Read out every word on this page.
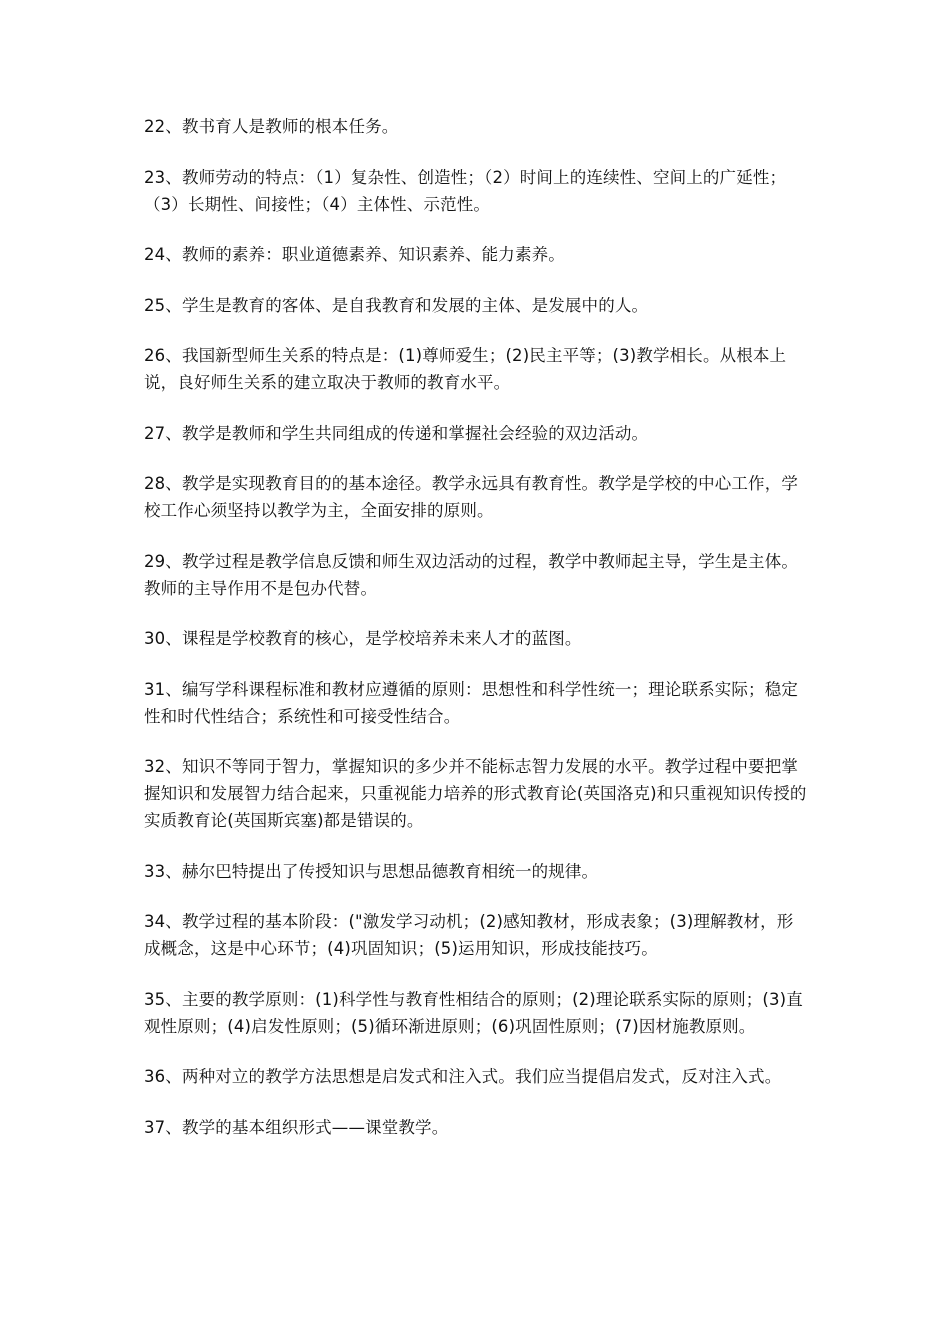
22、教书育人是教师的根本任务。

23、教师劳动的特点：（1）复杂性、创造性；（2）时间上的连续性、空间上的广延性；（3）长期性、间接性；（4）主体性、示范性。

24、教师的素养：职业道德素养、知识素养、能力素养。

25、学生是教育的客体、是自我教育和发展的主体、是发展中的人。

26、我国新型师生关系的特点是：(1)尊师爱生；(2)民主平等；(3)教学相长。从根本上说，良好师生关系的建立取决于教师的教育水平。

27、教学是教师和学生共同组成的传递和掌握社会经验的双边活动。

28、教学是实现教育目的的基本途径。教学永远具有教育性。教学是学校的中心工作，学校工作心须坚持以教学为主，全面安排的原则。

29、教学过程是教学信息反馈和师生双边活动的过程，教学中教师起主导，学生是主体。教师的主导作用不是包办代替。

30、课程是学校教育的核心，是学校培养未来人才的蓝图。

31、编写学科课程标准和教材应遵循的原则：思想性和科学性统一；理论联系实际；稳定性和时代性结合；系统性和可接受性结合。

32、知识不等同于智力，掌握知识的多少并不能标志智力发展的水平。教学过程中要把掌握知识和发展智力结合起来，只重视能力培养的形式教育论(英国洛克)和只重视知识传授的实质教育论(英国斯宾塞)都是错误的。

33、赫尔巴特提出了传授知识与思想品德教育相统一的规律。

34、教学过程的基本阶段：("激发学习动机；(2)感知教材，形成表象；(3)理解教材，形成概念，这是中心环节；(4)巩固知识；(5)运用知识，形成技能技巧。

35、主要的教学原则：(1)科学性与教育性相结合的原则；(2)理论联系实际的原则；(3)直观性原则；(4)启发性原则；(5)循环渐进原则；(6)巩固性原则；(7)因材施教原则。

36、两种对立的教学方法思想是启发式和注入式。我们应当提倡启发式，反对注入式。

37、教学的基本组织形式——课堂教学。
